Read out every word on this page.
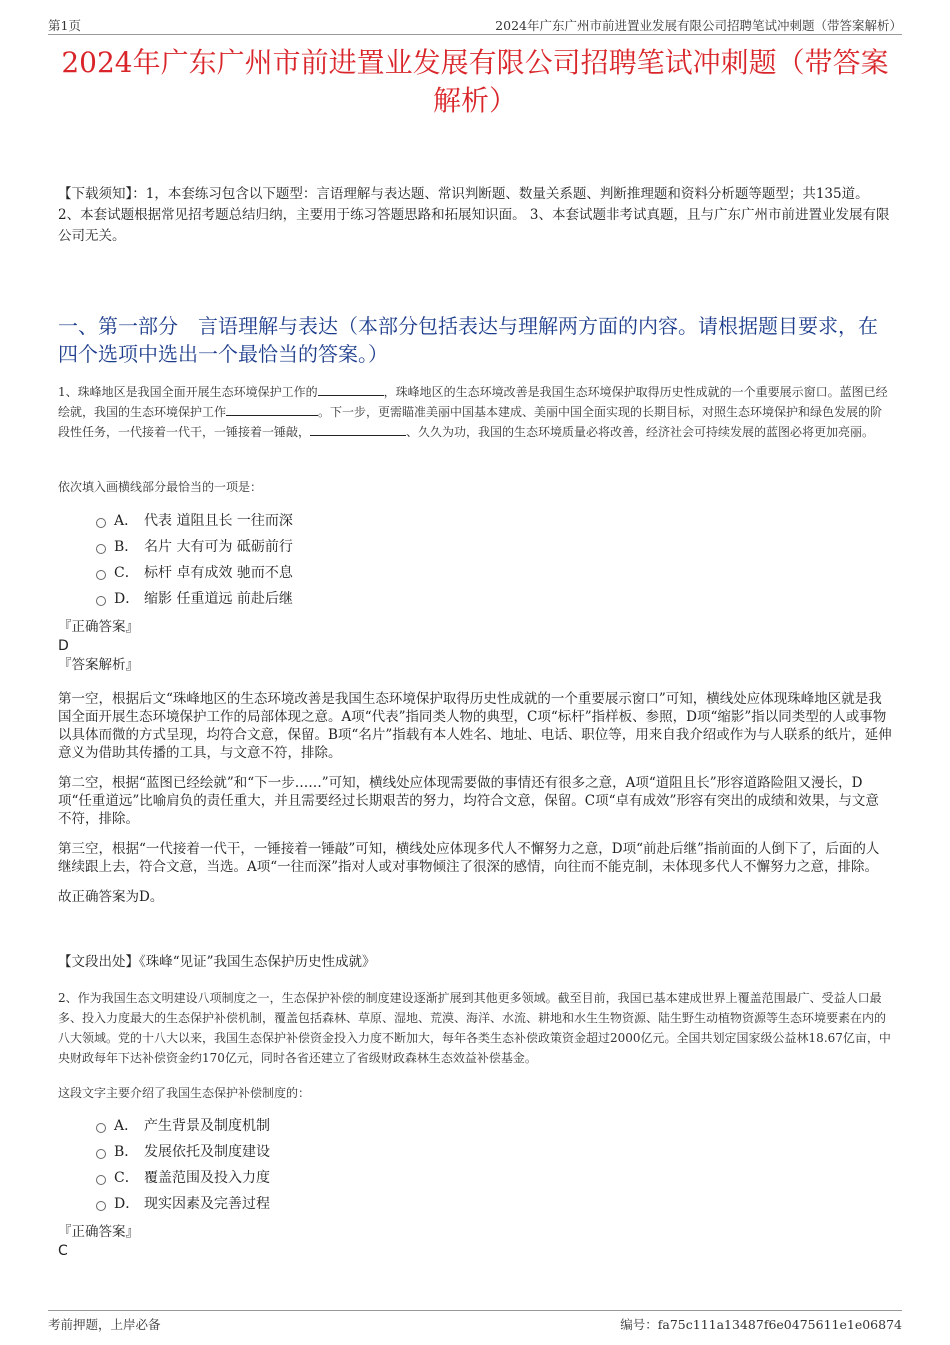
第1页	2024年广东广州市前进置业发展有限公司招聘笔试冲刺题（带答案解析）
2024年广东广州市前进置业发展有限公司招聘笔试冲刺题（带答案解析）
【下载须知】：1，本套练习包含以下题型：言语理解与表达题、常识判断题、数量关系题、判断推理题和资料分析题等题型；共135道。 2、本套试题根据常见招考题总结归纳，主要用于练习答题思路和拓展知识面。 3、本套试题非考试真题，且与广东广州市前进置业发展有限公司无关。
一、第一部分　言语理解与表达（本部分包括表达与理解两方面的内容。请根据题目要求，在四个选项中选出一个最恰当的答案。）
1、珠峰地区是我国全面开展生态环境保护工作的	，珠峰地区的生态环境改善是我国生态环境保护取得历史性成就的一个重要展示窗口。蓝图已经绘就，我国的生态环境保护工作	。下一步，更需瞄准美丽中国基本建成、美丽中国全面实现的长期目标，对照生态环境保护和绿色发展的阶段性任务，一代接着一代干，一锤接着一锤敲，	、久久为功，我国的生态环境质量必将改善，经济社会可持续发展的蓝图必将更加亮丽。
依次填入画横线部分最恰当的一项是：
A． 代表 道阻且长 一往而深
B． 名片 大有可为 砥砺前行
C． 标杆 卓有成效 驰而不息
D． 缩影 任重道远 前赴后继
『正确答案』
D
『答案解析』

第一空，根据后文“珠峰地区的生态环境改善是我国生态环境保护取得历史性成就的一个重要展示窗口”可知，横线处应体现珠峰地区就是我国全面开展生态环境保护工作的局部体现之意。A项“代表”指同类人物的典型，C项“标杆”指样板、参照，D项“缩影”指以同类型的人或事物以具体而微的方式呈现，均符合文意，保留。B项“名片”指载有本人姓名、地址、电话、职位等，用来自我介绍或作为与人联系的纸片，延伸意义为借助其传播的工具，与文意不符，排除。

第二空，根据“蓝图已经绘就”和“下一步……”可知，横线处应体现需要做的事情还有很多之意，A项“道阻且长”形容道路险阻又漫长，D项“任重道远”比喻肩负的责任重大，并且需要经过长期艰苦的努力，均符合文意，保留。C项“卓有成效”形容有突出的成绩和效果，与文意不符，排除。

第三空，根据“一代接着一代干，一锤接着一锤敲”可知，横线处应体现多代人不懈努力之意，D项“前赴后继”指前面的人倒下了，后面的人继续跟上去，符合文意，当选。A项“一往而深”指对人或对事物倾注了很深的感情，向往而不能克制，未体现多代人不懈努力之意，排除。

故正确答案为D。

【文段出处】《珠峰“见证”我国生态保护历史性成就》
2、作为我国生态文明建设八项制度之一，生态保护补偿的制度建设逐渐扩展到其他更多领域。截至目前，我国已基本建成世界上覆盖范围最广、受益人口最多、投入力度最大的生态保护补偿机制，覆盖包括森林、草原、湿地、荒漠、海洋、水流、耕地和水生生物资源、陆生野生动植物资源等生态环境要素在内的八大领域。党的十八大以来，我国生态保护补偿资金投入力度不断加大，每年各类生态补偿政策资金超过2000亿元。全国共划定国家级公益林18.67亿亩，中央财政每年下达补偿资金约170亿元，同时各省还建立了省级财政森林生态效益补偿基金。
这段文字主要介绍了我国生态保护补偿制度的：
A． 产生背景及制度机制
B． 发展依托及制度建设
C． 覆盖范围及投入力度
D． 现实因素及完善过程
『正确答案』
C
考前押题，上岸必备	编号：fa75c111a13487f6e0475611e1e06874
